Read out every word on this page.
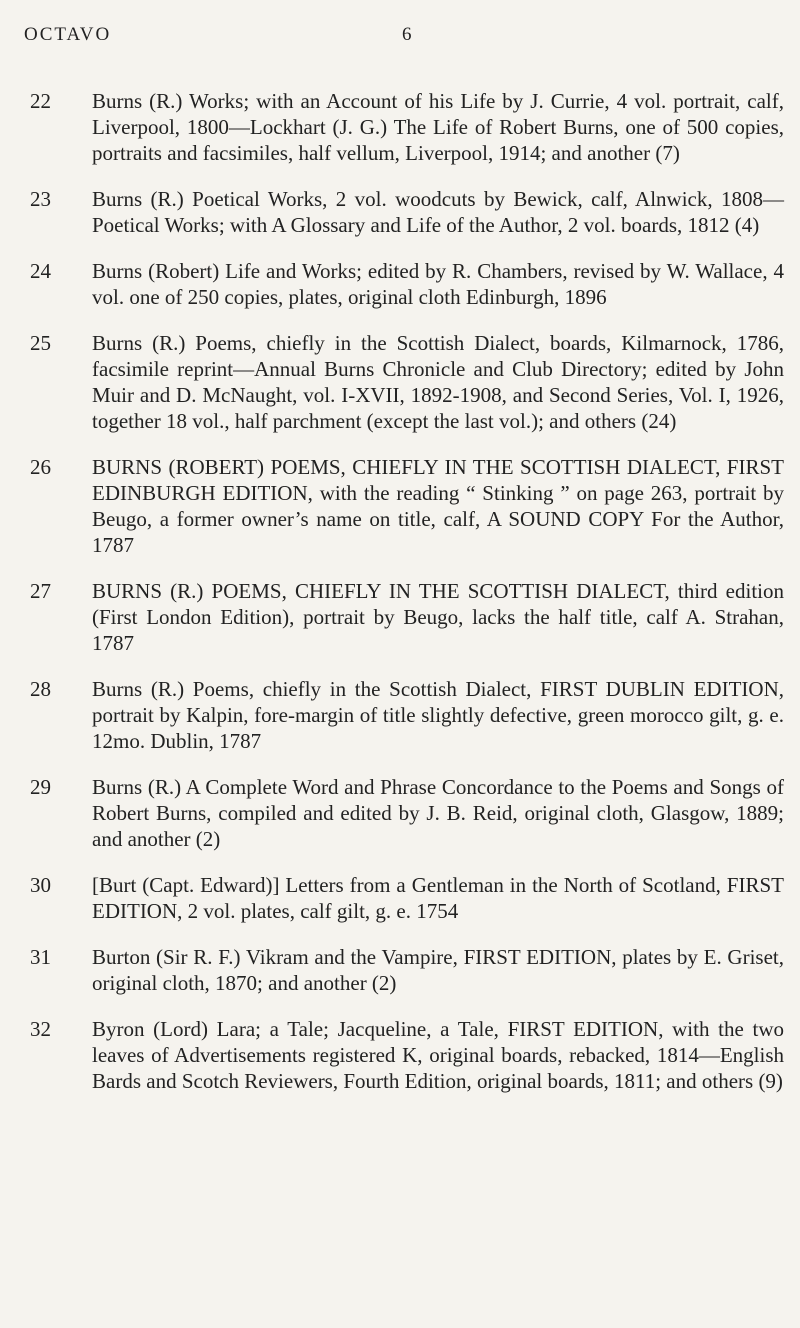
OCTAVO	6
22 Burns (R.) Works; with an Account of his Life by J. Currie, 4 vol. portrait, calf, Liverpool, 1800—Lockhart (J. G.) The Life of Robert Burns, one of 500 copies, portraits and facsimiles, half vellum, Liverpool, 1914; and another (7)
23 Burns (R.) Poetical Works, 2 vol. woodcuts by Bewick, calf, Alnwick, 1808—Poetical Works; with A Glossary and Life of the Author, 2 vol. boards, 1812 (4)
24 Burns (Robert) Life and Works; edited by R. Chambers, revised by W. Wallace, 4 vol. one of 250 copies, plates, original cloth Edinburgh, 1896
25 Burns (R.) Poems, chiefly in the Scottish Dialect, boards, Kilmarnock, 1786, facsimile reprint—Annual Burns Chronicle and Club Directory; edited by John Muir and D. McNaught, vol. I-XVII, 1892-1908, and Second Series, Vol. I, 1926, together 18 vol., half parchment (except the last vol.); and others (24)
26 BURNS (ROBERT) POEMS, CHIEFLY IN THE SCOTTISH DIALECT, FIRST EDINBURGH EDITION, with the reading “ Stinking ” on page 263, portrait by Beugo, a former owner’s name on title, calf, A SOUND COPY For the Author, 1787
27 BURNS (R.) POEMS, CHIEFLY IN THE SCOTTISH DIALECT, third edition (First London Edition), portrait by Beugo, lacks the half title, calf A. Strahan, 1787
28 Burns (R.) Poems, chiefly in the Scottish Dialect, FIRST DUBLIN EDITION, portrait by Kalpin, fore-margin of title slightly defective, green morocco gilt, g. e. 12mo. Dublin, 1787
29 Burns (R.) A Complete Word and Phrase Concordance to the Poems and Songs of Robert Burns, compiled and edited by J. B. Reid, original cloth, Glasgow, 1889; and another (2)
30 [Burt (Capt. Edward)] Letters from a Gentleman in the North of Scotland, FIRST EDITION, 2 vol. plates, calf gilt, g. e. 1754
31 Burton (Sir R. F.) Vikram and the Vampire, FIRST EDITION, plates by E. Griset, original cloth, 1870; and another (2)
32 Byron (Lord) Lara; a Tale; Jacqueline, a Tale, FIRST EDITION, with the two leaves of Advertisements registered K, original boards, rebacked, 1814—English Bards and Scotch Reviewers, Fourth Edition, original boards, 1811; and others (9)
